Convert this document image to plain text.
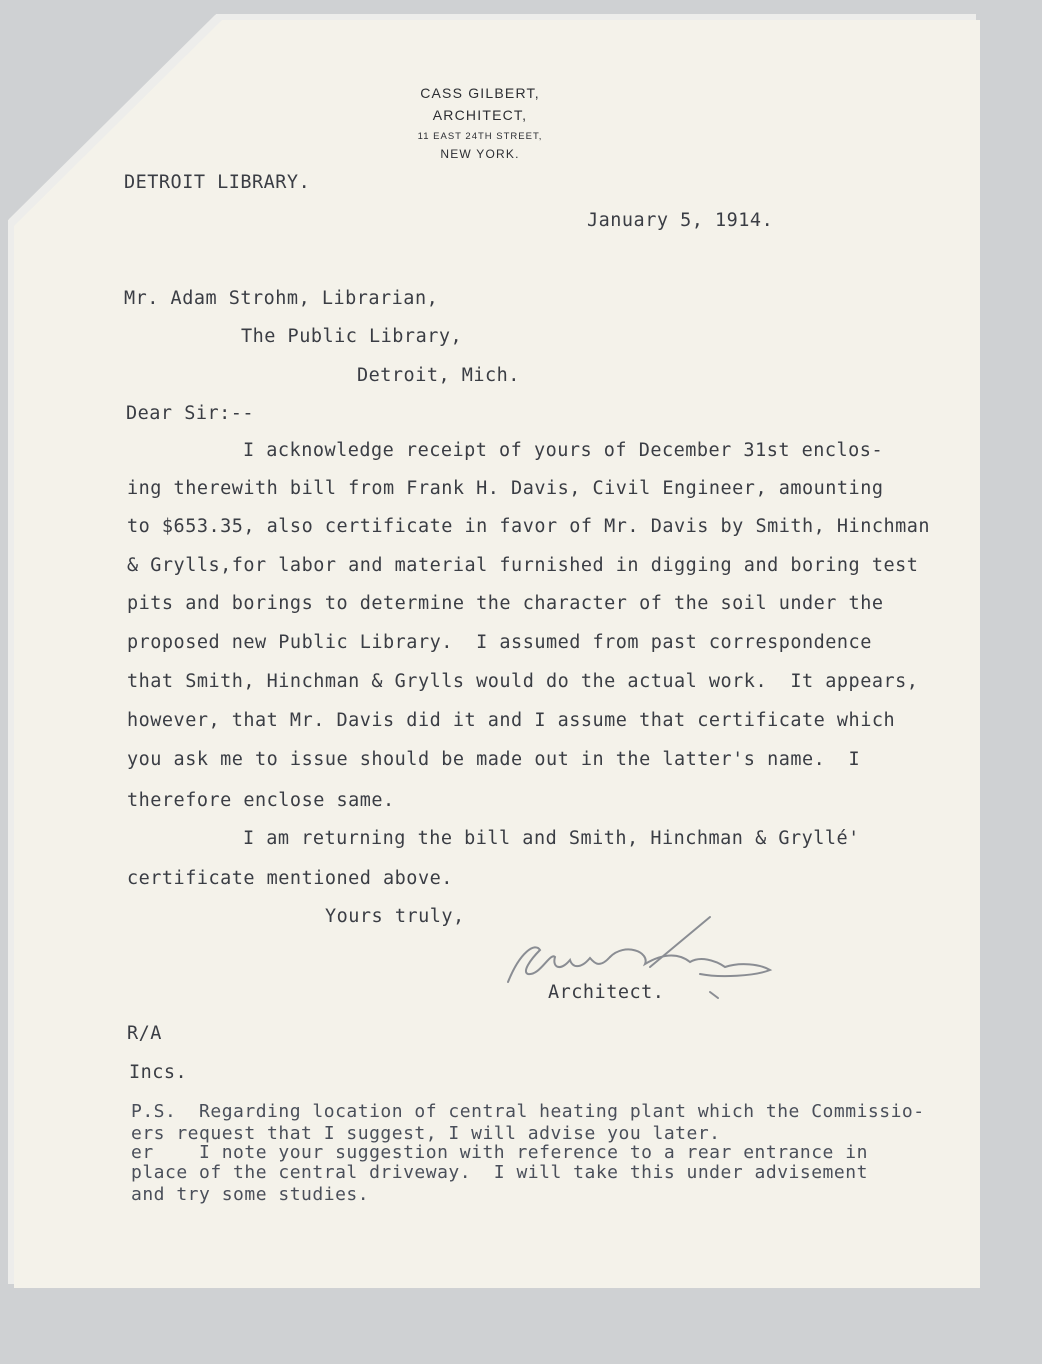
CASS GILBERT,
ARCHITECT,
11 EAST 24TH STREET,
NEW YORK.
DETROIT LIBRARY.
January 5, 1914.
Mr. Adam Strohm, Librarian,
The Public Library,
Detroit, Mich.
Dear Sir:--
I acknowledge receipt of yours of December 31st enclos-
ing therewith bill from Frank H. Davis, Civil Engineer, amounting
to $653.35, also certificate in favor of Mr. Davis by Smith, Hinchman
& Grylls,for labor and material furnished in digging and boring test
pits and borings to determine the character of the soil under the
proposed new Public Library.  I assumed from past correspondence
that Smith, Hinchman & Grylls would do the actual work.  It appears,
however, that Mr. Davis did it and I assume that certificate which
you ask me to issue should be made out in the latter's name.  I
therefore enclose same.
I am returning the bill and Smith, Hinchman & Gryllé'
certificate mentioned above.
Yours truly,
Architect.
R/A
Incs.
P.S.  Regarding location of central heating plant which the Commissio-
ers request that I suggest, I will advise you later.
er    I note your suggestion with reference to a rear entrance in
place of the central driveway.  I will take this under advisement
and try some studies.
